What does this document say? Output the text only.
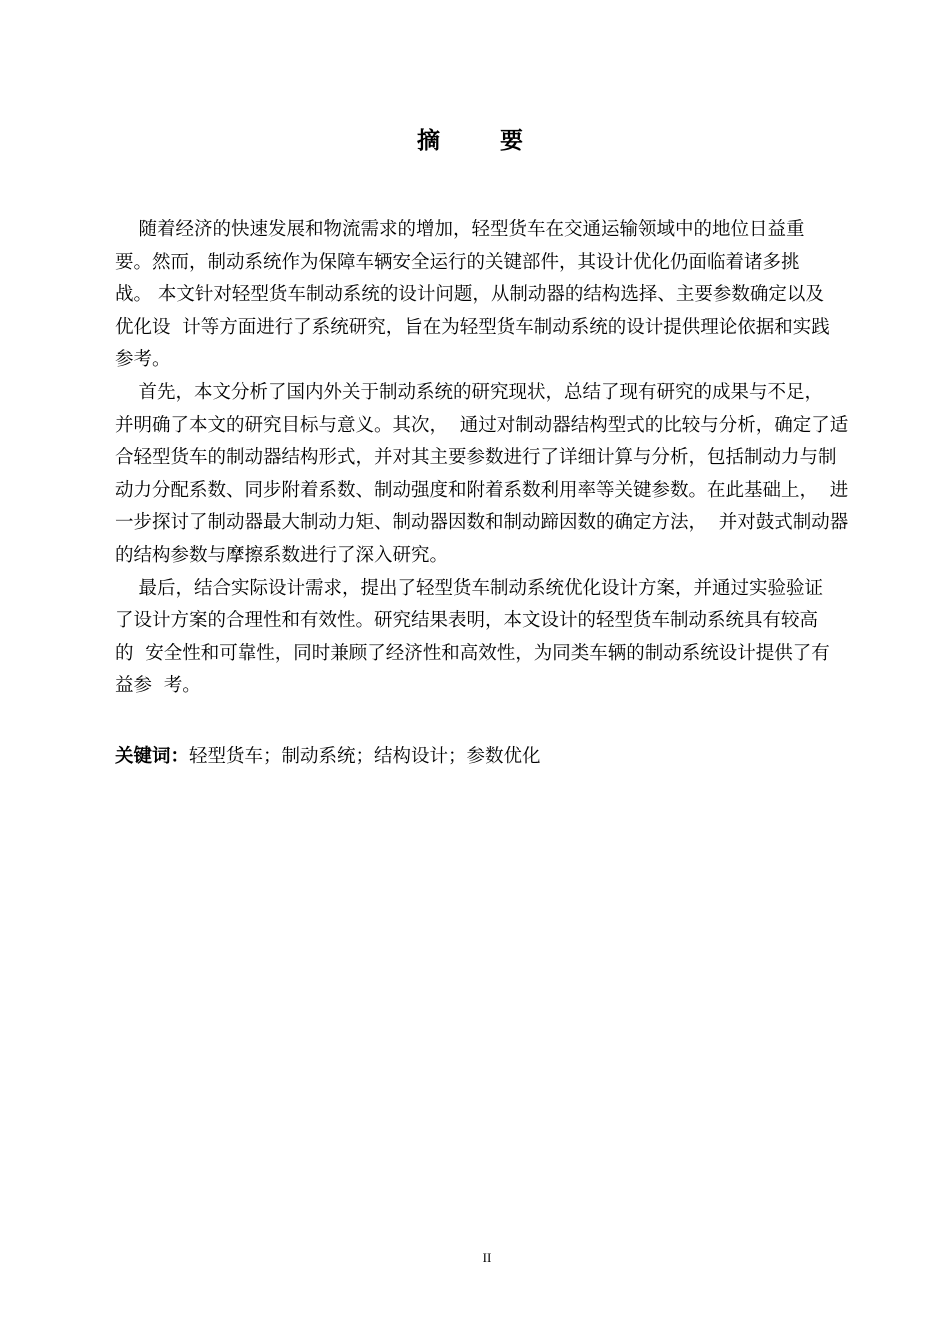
摘 要
随着经济的快速发展和物流需求的增加，轻型货车在交通运输领域中的地位日益重
要。然而，制动系统作为保障车辆安全运行的关键部件，其设计优化仍面临着诸多挑
战。 本文针对轻型货车制动系统的设计问题，从制动器的结构选择、主要参数确定以及
优化设  计等方面进行了系统研究，旨在为轻型货车制动系统的设计提供理论依据和实践
参考。
首先，本文分析了国内外关于制动系统的研究现状，总结了现有研究的成果与不足，
并明确了本文的研究目标与意义。其次，  通过对制动器结构型式的比较与分析，确定了适
合轻型货车的制动器结构形式，并对其主要参数进行了详细计算与分析，包括制动力与制
动力分配系数、同步附着系数、制动强度和附着系数利用率等关键参数。在此基础上，  进
一步探讨了制动器最大制动力矩、制动器因数和制动蹄因数的确定方法，  并对鼓式制动器
的结构参数与摩擦系数进行了深入研究。
最后，结合实际设计需求，提出了轻型货车制动系统优化设计方案，并通过实验验证
了设计方案的合理性和有效性。研究结果表明，本文设计的轻型货车制动系统具有较高
的  安全性和可靠性，同时兼顾了经济性和高效性，为同类车辆的制动系统设计提供了有
益参  考。
关键词：轻型货车；制动系统；结构设计；参数优化
II
